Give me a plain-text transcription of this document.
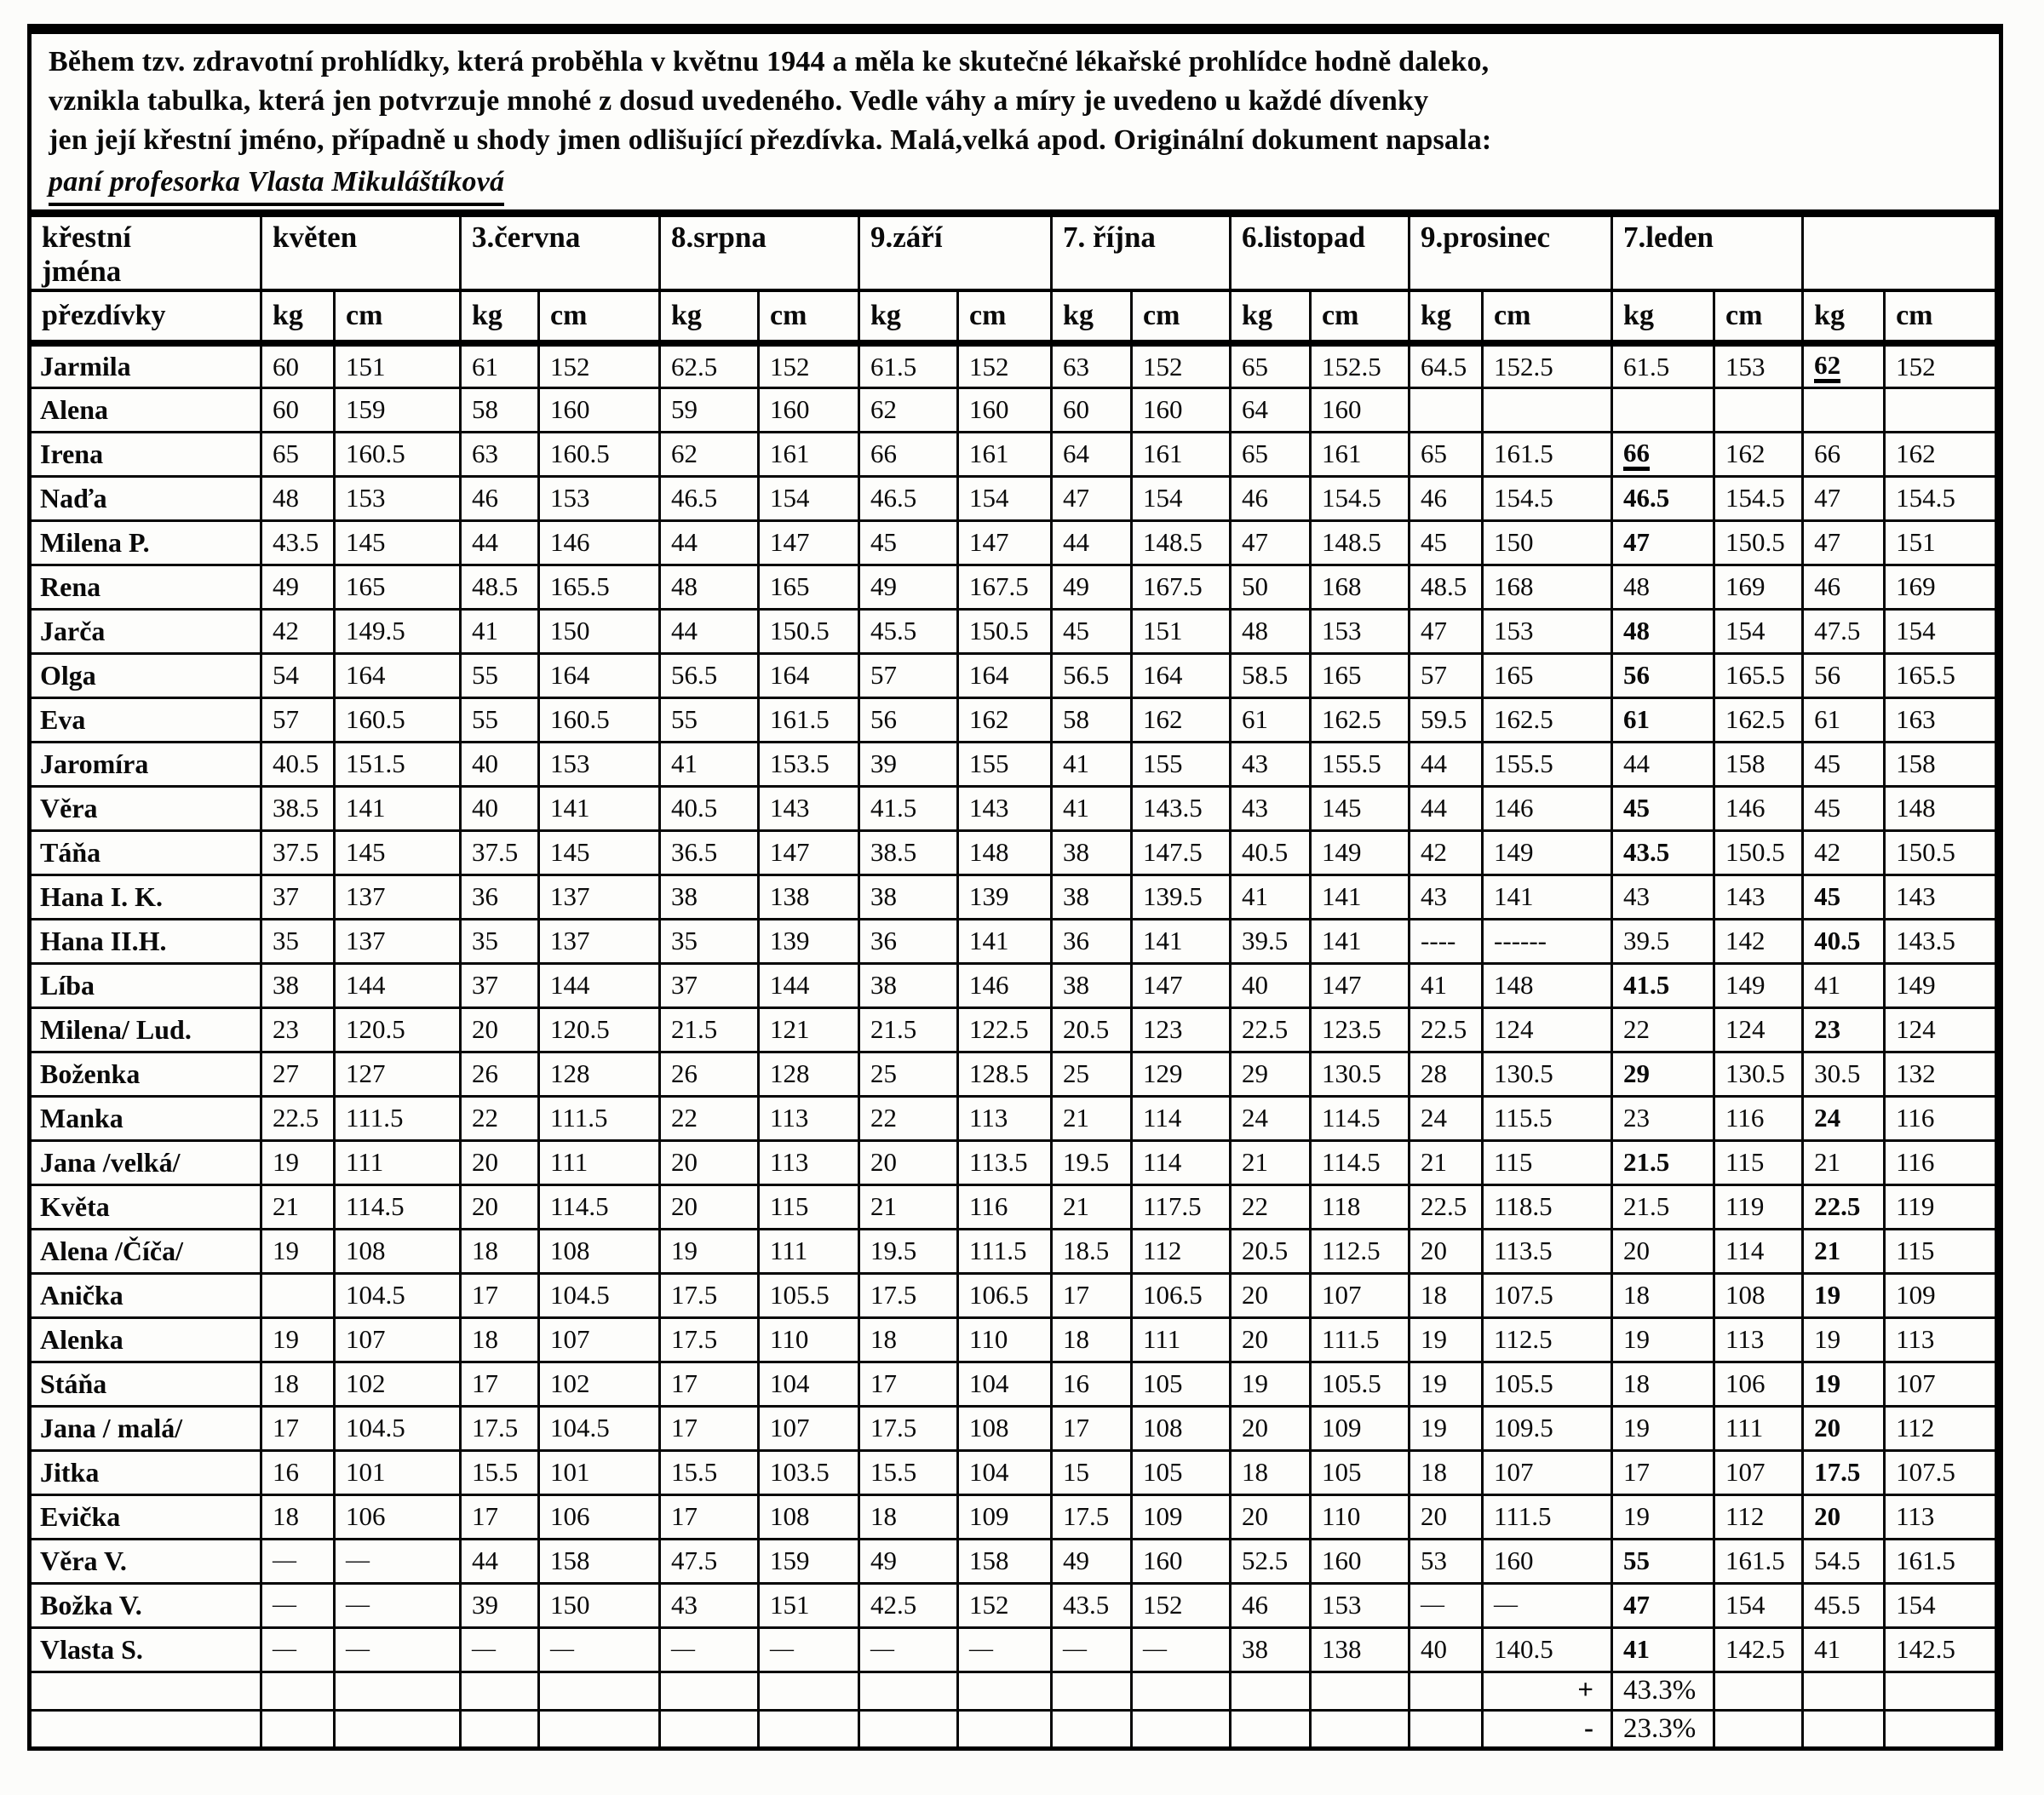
Během tzv. zdravotní prohlídky, která proběhla v květnu 1944 a měla ke skutečné lékařské prohlídce hodně daleko,
vznikla tabulka, která jen potvrzuje mnohé z dosud uvedeného. Vedle váhy a míry je uvedeno u každé dívenky
jen její křestní jméno, případně u shody jmen odlišující přezdívka. Malá,velká apod. Originální dokument napsala:
paní profesorka Vlasta Mikuláštíková
křestní
jména	květen		3.června		8.srpna		9.září		7. října		6.listopad		9.prosinec		7.leden			
přezdívky	kg	cm	kg	cm	kg	cm	kg	cm	kg	cm	kg	cm	kg	cm	kg	cm	kg	cm
Jarmila	60	151	61	152	62.5	152	61.5	152	63	152	65	152.5	64.5	152.5	61.5	153	62	152
Alena	60	159	58	160	59	160	62	160	60	160	64	160						
Irena	65	160.5	63	160.5	62	161	66	161	64	161	65	161	65	161.5	66	162	66	162
Naďa	48	153	46	153	46.5	154	46.5	154	47	154	46	154.5	46	154.5	46.5	154.5	47	154.5
Milena P.	43.5	145	44	146	44	147	45	147	44	148.5	47	148.5	45	150	47	150.5	47	151
Rena	49	165	48.5	165.5	48	165	49	167.5	49	167.5	50	168	48.5	168	48	169	46	169
Jarča	42	149.5	41	150	44	150.5	45.5	150.5	45	151	48	153	47	153	48	154	47.5	154
Olga	54	164	55	164	56.5	164	57	164	56.5	164	58.5	165	57	165	56	165.5	56	165.5
Eva	57	160.5	55	160.5	55	161.5	56	162	58	162	61	162.5	59.5	162.5	61	162.5	61	163
Jaromíra	40.5	151.5	40	153	41	153.5	39	155	41	155	43	155.5	44	155.5	44	158	45	158
Věra	38.5	141	40	141	40.5	143	41.5	143	41	143.5	43	145	44	146	45	146	45	148
Táňa	37.5	145	37.5	145	36.5	147	38.5	148	38	147.5	40.5	149	42	149	43.5	150.5	42	150.5
Hana I. K.	37	137	36	137	38	138	38	139	38	139.5	41	141	43	141	43	143	45	143
Hana II.H.	35	137	35	137	35	139	36	141	36	141	39.5	141	----	------	39.5	142	40.5	143.5
Líba	38	144	37	144	37	144	38	146	38	147	40	147	41	148	41.5	149	41	149
Milena/ Lud.	23	120.5	20	120.5	21.5	121	21.5	122.5	20.5	123	22.5	123.5	22.5	124	22	124	23	124
Boženka	27	127	26	128	26	128	25	128.5	25	129	29	130.5	28	130.5	29	130.5	30.5	132
Manka	22.5	111.5	22	111.5	22	113	22	113	21	114	24	114.5	24	115.5	23	116	24	116
Jana /velká/	19	111	20	111	20	113	20	113.5	19.5	114	21	114.5	21	115	21.5	115	21	116
Květa	21	114.5	20	114.5	20	115	21	116	21	117.5	22	118	22.5	118.5	21.5	119	22.5	119
Alena /Číča/	19	108	18	108	19	111	19.5	111.5	18.5	112	20.5	112.5	20	113.5	20	114	21	115
Anička		104.5	17	104.5	17.5	105.5	17.5	106.5	17	106.5	20	107	18	107.5	18	108	19	109
Alenka	19	107	18	107	17.5	110	18	110	18	111	20	111.5	19	112.5	19	113	19	113
Stáňa	18	102	17	102	17	104	17	104	16	105	19	105.5	19	105.5	18	106	19	107
Jana / malá/	17	104.5	17.5	104.5	17	107	17.5	108	17	108	20	109	19	109.5	19	111	20	112
Jitka	16	101	15.5	101	15.5	103.5	15.5	104	15	105	18	105	18	107	17	107	17.5	107.5
Evička	18	106	17	106	17	108	18	109	17.5	109	20	110	20	111.5	19	112	20	113
Věra V.	—	—	44	158	47.5	159	49	158	49	160	52.5	160	53	160	55	161.5	54.5	161.5
Božka V.	—	—	39	150	43	151	42.5	152	43.5	152	46	153	—	—	47	154	45.5	154
Vlasta S.	—	—	—	—	—	—	—	—	—	—	38	138	40	140.5	41	142.5	41	142.5
														+	43.3%			
														-	23.3%			
